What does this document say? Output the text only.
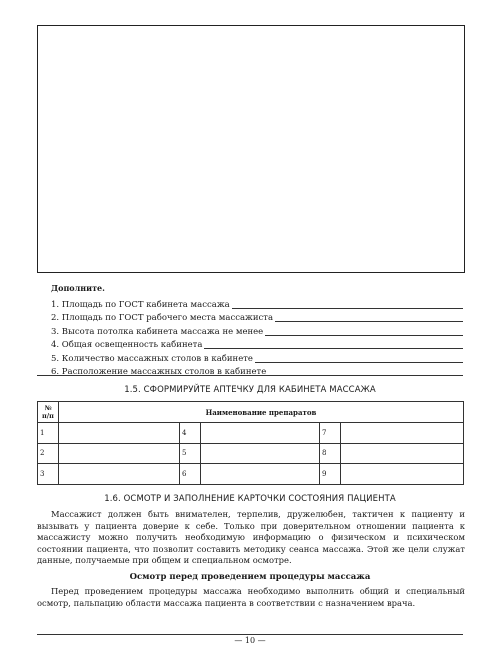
Дополните.
1. Площадь по ГОСТ кабинета массажа
2. Площадь по ГОСТ рабочего места массажиста
3. Высота потолка кабинета массажа не менее
4. Общая освещенность кабинета
5. Количество массажных столов в кабинете
6. Расположение массажных столов в кабинете
1.5. СФОРМИРУЙТЕ АПТЕЧКУ ДЛЯ КАБИНЕТА МАССАЖА
№
п/п	Наименование препаратов				
1		4		7	
2		5		8	
3		6		9	
1.6. ОСМОТР И ЗАПОЛНЕНИЕ КАРТОЧКИ СОСТОЯНИЯ ПАЦИЕНТА

Массажист должен быть внимателен, терпелив, дружелюбен, тактичен к пациенту и вызывать у пациента доверие к себе. Только при доверительном отношении пациента к массажисту можно получить необходимую информацию о физическом и психическом состоянии пациента, что позволит составить методику сеанса массажа. Этой же цели служат данные, получаемые при общем и специальном осмотре.

Осмотр перед проведением процедуры массажа

Перед проведением процедуры массажа необходимо выполнить общий и специальный осмотр, пальпацию области массажа пациента в соответствии с назначением врача.

— 10 —
